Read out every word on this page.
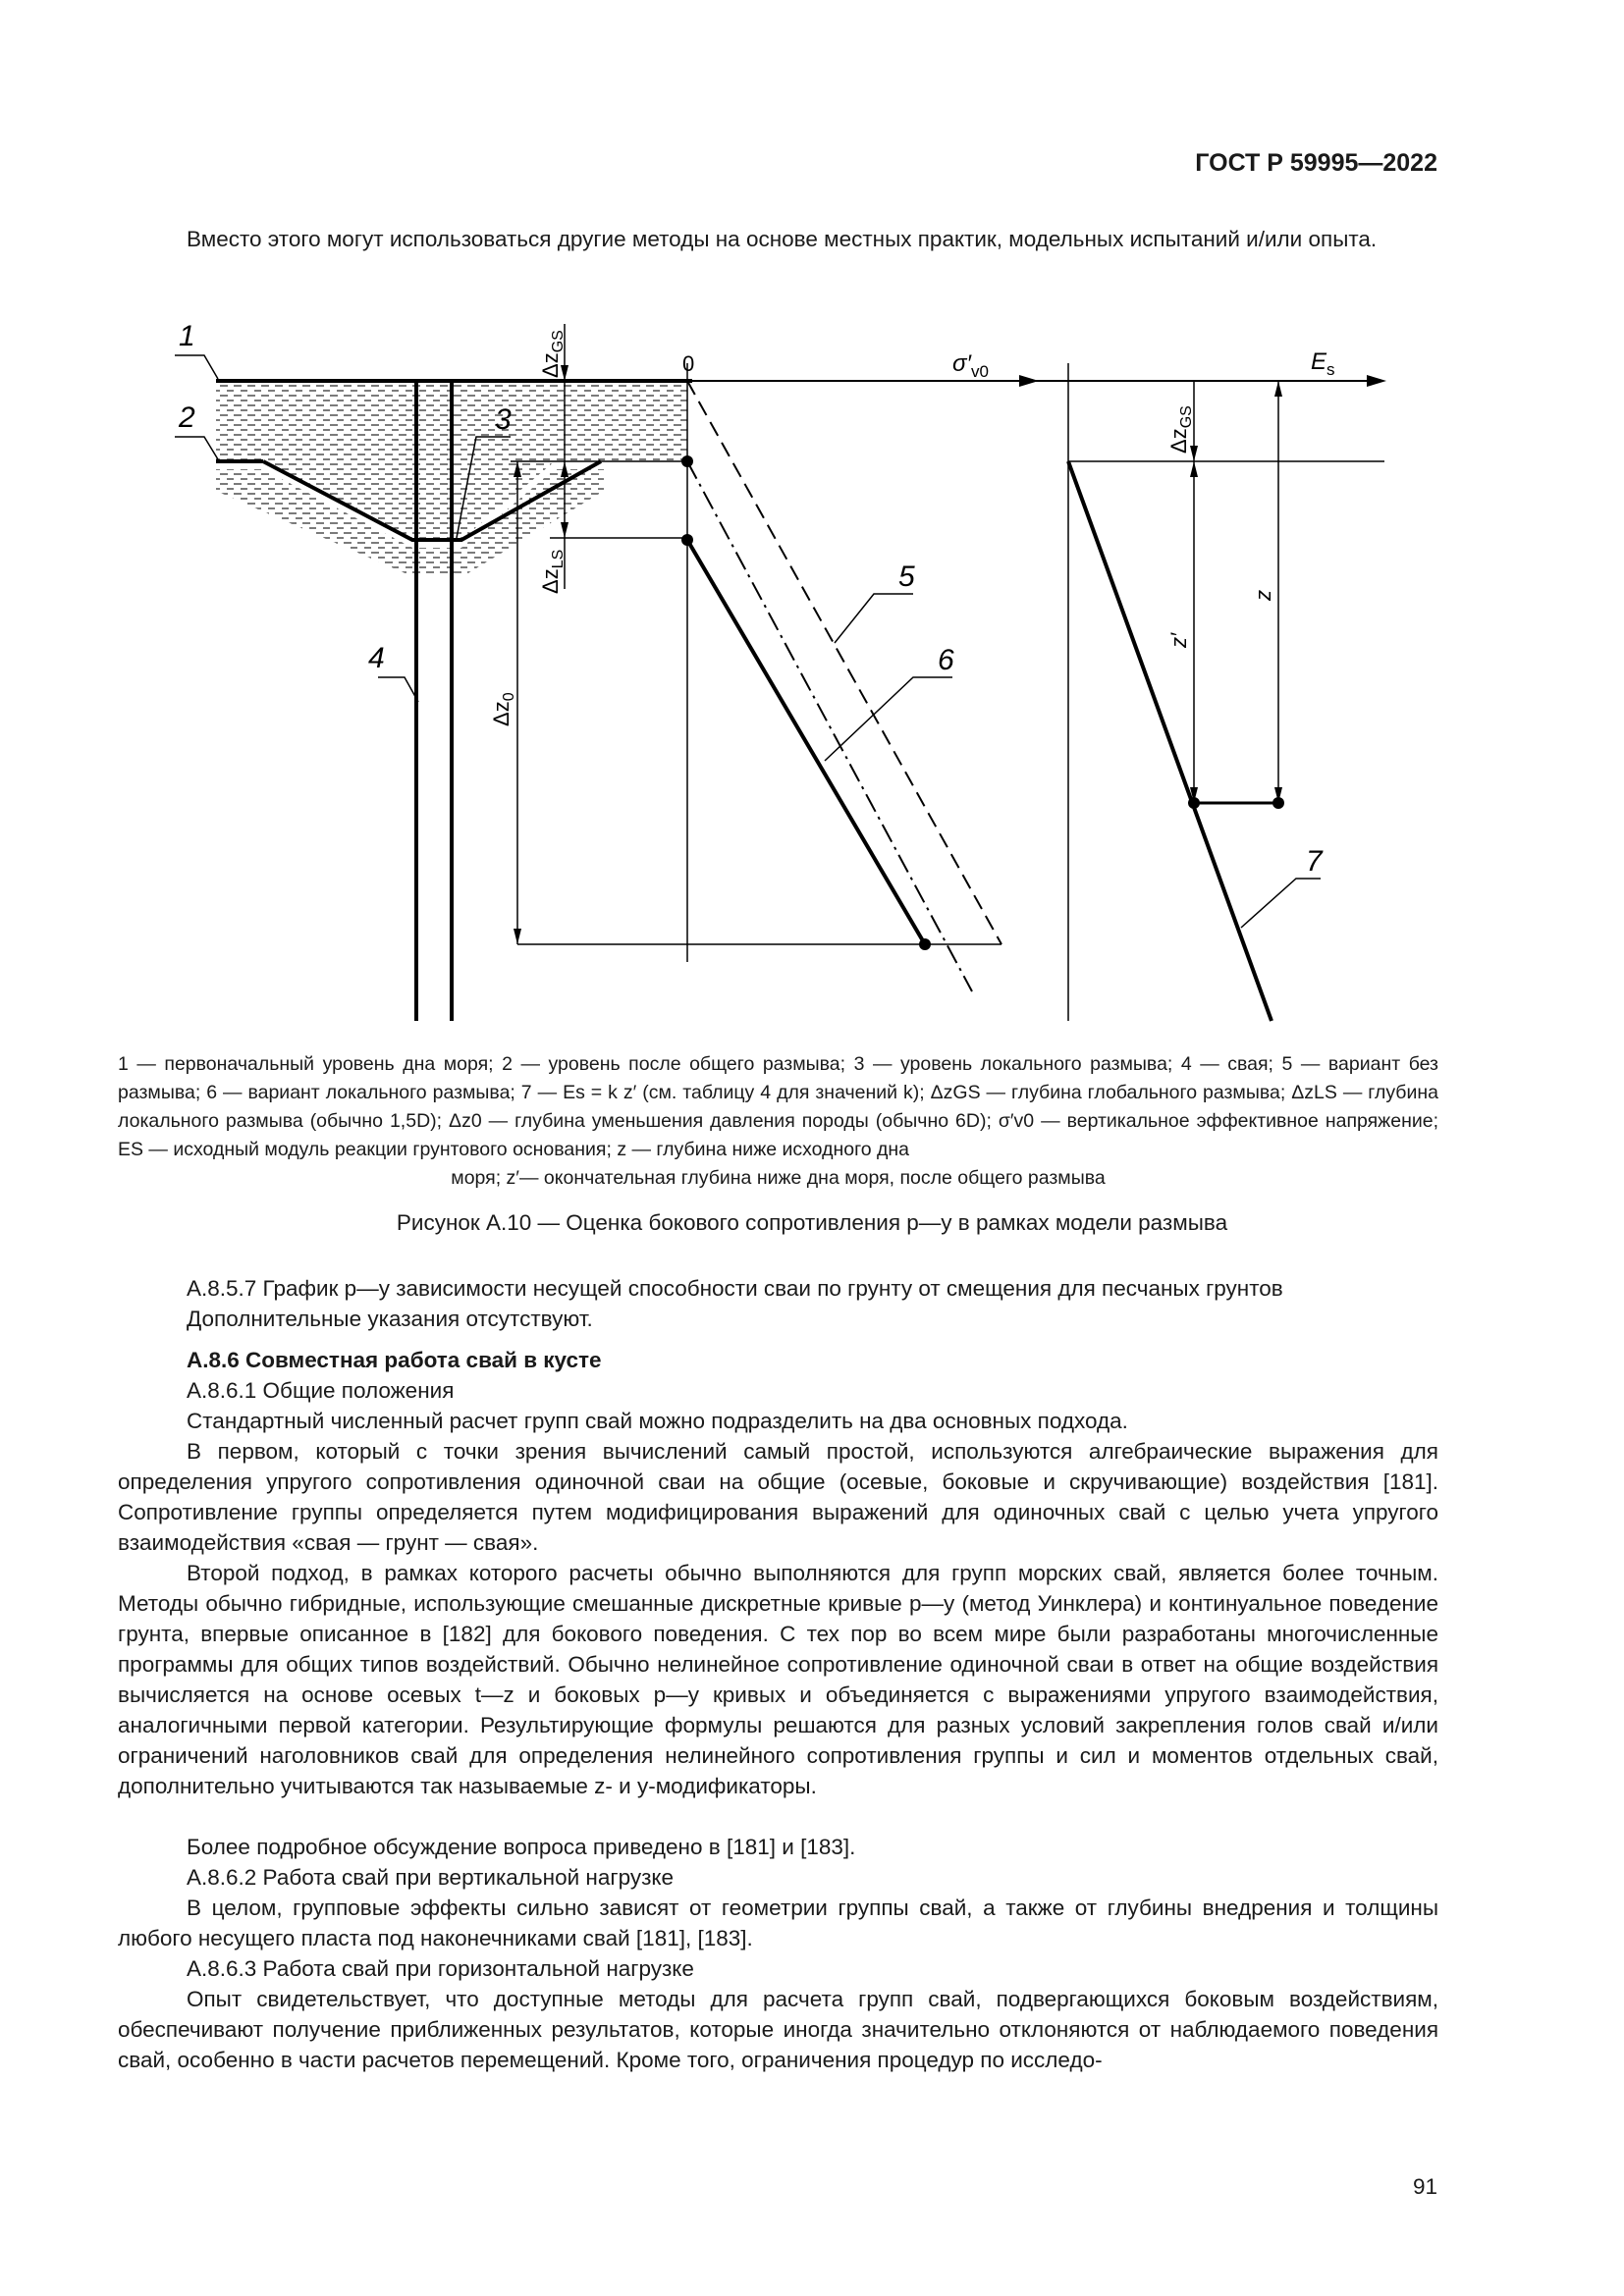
ГОСТ Р 59995—2022
Вместо этого могут использоваться другие методы на основе местных практик, модельных испытаний и/или опыта.
1
2	3
4
5
6
7
0	$\sigma'_{v0}$	$E_s$
$\Delta z_{GS}$
$\Delta z_{LS}$
$\Delta z_0$
$\Delta z_{GS}$
z
z′
1 — первоначальный уровень дна моря; 2 — уровень после общего размыва; 3 — уровень локального размыва; 4 — свая; 5 — вариант без размыва; 6 — вариант локального размыва; 7 — Es = k z′ (см. таблицу 4 для значений k); ΔzGS — глубина глобального размыва; ΔzLS — глубина локального размыва (обычно 1,5D); Δz0 — глубина уменьшения давления породы (обычно 6D); σ′v0 — вертикальное эффективное напряжение; ES — исходный модуль реакции грунтового основания; z — глубина ниже исходного дна
моря; z′— окончательная глубина ниже дна моря, после общего размыва
Рисунок А.10 — Оценка бокового сопротивления p—y в рамках модели размыва
А.8.5.7 График p—y зависимости несущей способности сваи по грунту от смещения для песчаных грунтов
Дополнительные указания отсутствуют.
А.8.6 Совместная работа свай в кусте
А.8.6.1 Общие положения
Стандартный численный расчет групп свай можно подразделить на два основных подхода.
В первом, который с точки зрения вычислений самый простой, используются алгебраические выражения для определения упругого сопротивления одиночной сваи на общие (осевые, боковые и скручивающие) воздействия [181]. Сопротивление группы определяется путем модифицирования выражений для одиночных свай с целью учета упругого взаимодействия «свая — грунт — свая».
Второй подход, в рамках которого расчеты обычно выполняются для групп морских свай, является более точным. Методы обычно гибридные, использующие смешанные дискретные кривые p—y (метод Уинклера) и континуальное поведение грунта, впервые описанное в [182] для бокового поведения. С тех пор во всем мире были разработаны многочисленные программы для общих типов воздействий. Обычно нелинейное сопротивление одиночной сваи в ответ на общие воздействия вычисляется на основе осевых t—z и боковых p—y кривых и объединяется с выражениями упругого взаимодействия, аналогичными первой категории. Результирующие формулы решаются для разных условий закрепления голов свай и/или ограничений наголовников свай для определения нелинейного сопротивления группы и сил и моментов отдельных свай, дополнительно учитываются так называемые z- и y-модификаторы.
Более подробное обсуждение вопроса приведено в [181] и [183].
А.8.6.2 Работа свай при вертикальной нагрузке
В целом, групповые эффекты сильно зависят от геометрии группы свай, а также от глубины внедрения и толщины любого несущего пласта под наконечниками свай [181], [183].
А.8.6.3 Работа свай при горизонтальной нагрузке
Опыт свидетельствует, что доступные методы для расчета групп свай, подвергающихся боковым воздействиям, обеспечивают получение приближенных результатов, которые иногда значительно отклоняются от наблюдаемого поведения свай, особенно в части расчетов перемещений. Кроме того, ограничения процедур по исследо-
91
